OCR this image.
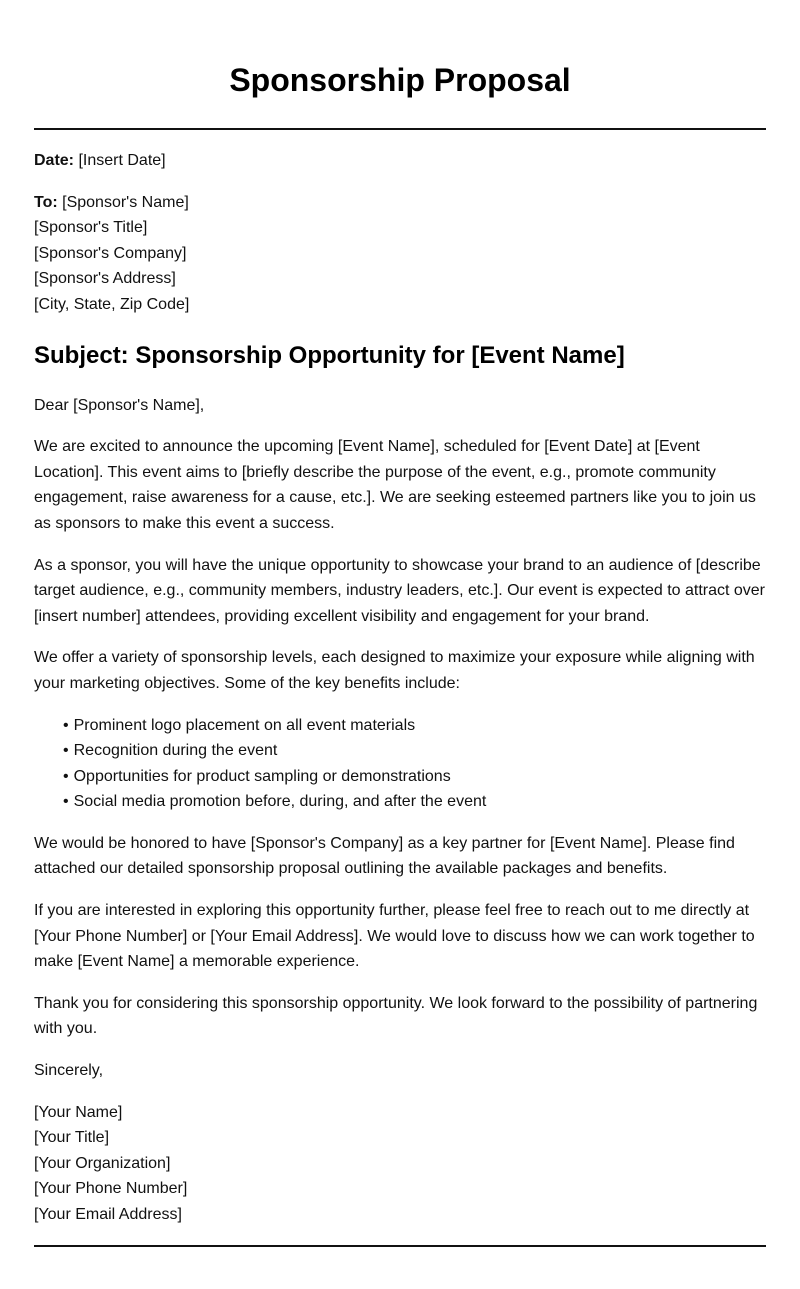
Sponsorship Proposal

Date: [Insert Date]

To: [Sponsor's Name]
[Sponsor's Title]
[Sponsor's Company]
[Sponsor's Address]
[City, State, Zip Code]
Subject: Sponsorship Opportunity for [Event Name]

Dear [Sponsor's Name],

We are excited to announce the upcoming [Event Name], scheduled for [Event Date] at [Event Location]. This event aims to [briefly describe the purpose of the event, e.g., promote community engagement, raise awareness for a cause, etc.]. We are seeking esteemed partners like you to join us as sponsors to make this event a success.

As a sponsor, you will have the unique opportunity to showcase your brand to an audience of [describe target audience, e.g., community members, industry leaders, etc.]. Our event is expected to attract over [insert number] attendees, providing excellent visibility and engagement for your brand.

We offer a variety of sponsorship levels, each designed to maximize your exposure while aligning with your marketing objectives. Some of the key benefits include:

• Prominent logo placement on all event materials
• Recognition during the event
• Opportunities for product sampling or demonstrations
• Social media promotion before, during, and after the event

We would be honored to have [Sponsor's Company] as a key partner for [Event Name]. Please find attached our detailed sponsorship proposal outlining the available packages and benefits.

If you are interested in exploring this opportunity further, please feel free to reach out to me directly at [Your Phone Number] or [Your Email Address]. We would love to discuss how we can work together to make [Event Name] a memorable experience.

Thank you for considering this sponsorship opportunity. We look forward to the possibility of partnering with you.

Sincerely,

[Your Name]
[Your Title]
[Your Organization]
[Your Phone Number]
[Your Email Address]
